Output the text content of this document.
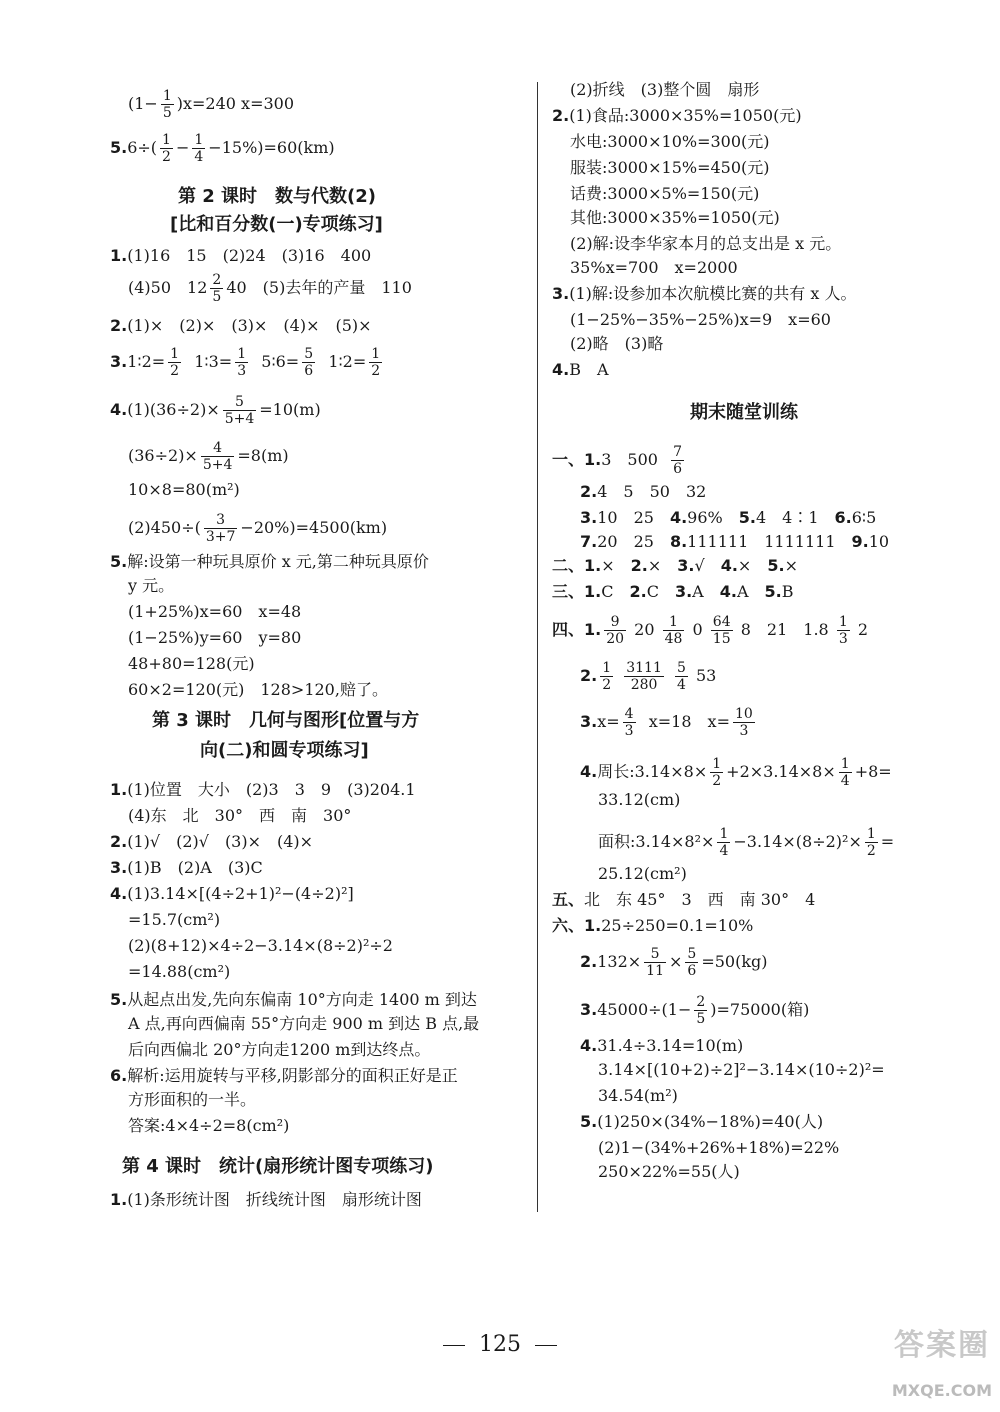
$(1- \frac{1}{5} )x=240$ x=300
$5.6\div( \frac{1}{2} - \frac{1}{4} -15\%)=60(km)$
第 2 课时　数与代数(2)
[比和百分数(一)专项练习]
1.(1)16　15　(2)24　(3)16　400
(4)50　$12 \frac{2}{5} 40$　(5)去年的产量　110
2.(1)×　(2)×　(3)×　(4)×　(5)×
3.1∶2= $\frac{1}{2}$ 1∶3= $\frac{1}{3}$ 5∶6= $\frac{5}{6}$ 1∶2= $\frac{1}{2}$
$4.(1)(36\div 2)\times \frac{5}{5+4} =10(m)$
$(36\div 2)\times \frac{4}{5+4} =8(m)$
10×8=80(m²)
$(2)450\div( \frac{3}{3+7} -20\%)=4500(km)$
5.解:设第一种玩具原价 x 元,第二种玩具原价
y 元。
(1+25%)x=60　x=48
(1−25%)y=60　y=80
48+80=128(元)
60×2=120(元)　128>120,赔了。
第 3 课时　几何与图形[位置与方
向(二)和圆专项练习]
1.(1)位置　大小　(2)3　3　9　(3)204.1
(4)东　北　30°　西　南　30°
2.(1)√　(2)√　(3)×　(4)×
3.(1)B　(2)A　(3)C
4.(1)3.14×[(4÷2+1)²−(4÷2)²]
=15.7(cm²)
(2)(8+12)×4÷2−3.14×(8÷2)²÷2
=14.88(cm²)
5.从起点出发,先向东偏南 10°方向走 1400 m 到达
A 点,再向西偏南 55°方向走 900 m 到达 B 点,最
后向西偏北 20°方向走1200 m到达终点。
6.解析:运用旋转与平移,阴影部分的面积正好是正
方形面积的一半。
答案:4×4÷2=8(cm²)
第 4 课时　统计(扇形统计图专项练习)
1.(1)条形统计图　折线统计图　扇形统计图
(2)折线　(3)整个圆　扇形
2.(1)食品:3000×35%=1050(元)
水电:3000×10%=300(元)
服装:3000×15%=450(元)
话费:3000×5%=150(元)
其他:3000×35%=1050(元)
(2)解:设李华家本月的总支出是 x 元。
35%x=700　x=2000
3.(1)解:设参加本次航模比赛的共有 x 人。
(1−25%−35%−25%)x=9　x=60
(2)略　(3)略
4.B　A
期末随堂训练
一、1.3　$500 \frac{7}{6}$
2.4　5　50　32
3.10　25　4.96%　5.4　4∶1　6.6∶5
7.20　25　8.111111　1111111　9.10
二、1.×　2.×　3.√　4.×　5.×
三、1.C　2.C　3.A　4.A　5.B
四、1. $\frac{9}{20} 20 \frac{1}{48} 0 \frac{64}{15} 8$　21　$1.8 \frac{1}{3} 2$
2. $\frac{1}{2}$
$\frac{3111}{280}$
$\frac{5}{4} 53$
$3.x= \frac{4}{3} x=18$　$x= \frac{10}{3}$
4.周长:3.14×8× $\frac{1}{2} +2\times 3.14\times 8\times \frac{1}{4} +8=$
33.12(cm)
面积:3.14×8²× $\frac{1}{4} -3.14\times(8\div 2)^2\times \frac{1}{2}$ =
25.12(cm²)
五、北　东 45°　3　西　南 30°　4
六、1.25÷250=0.1=10%
$2.132\times \frac{5}{11} \times \frac{5}{6} =50(kg)$
$3.45000\div(1- \frac{2}{5} )=75000$(箱)
4.31.4÷3.14=10(m)
3.14×[(10+2)÷2]²−3.14×(10÷2)²=
34.54(m²)
5.(1)250×(34%−18%)=40(人)
(2)1−(34%+26%+18%)=22%
250×22%=55(人)
125	答案圈
MXQE.COM
